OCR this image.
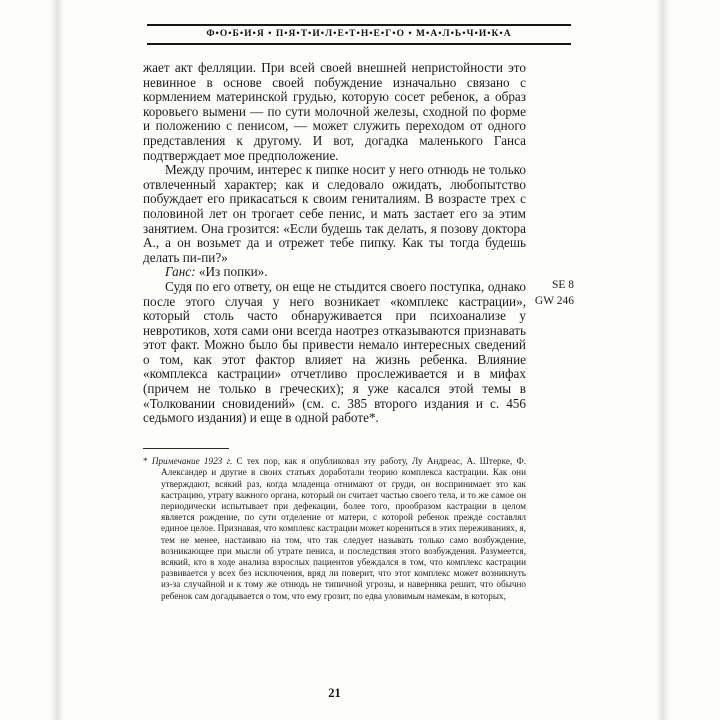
Ф•О•Б•И•Я • П•Я•Т•И•Л•Е•Т•Н•Е•Г•О • М•А•Л•Ь•Ч•И•К•А

жает акт фелляции. При всей своей внешней непристойности это невинное в основе своей побуждение изначально связано с кормлением материнской грудью, которую сосет ребенок, а образ коровьего вымени — по сути молочной железы, сходной по форме и положению с пенисом, — может служить переходом от одного представления к другому. И вот, догадка маленького Ганса подтверждает мое предположение.

Между прочим, интерес к пипке носит у него отнюдь не только отвлеченный характер; как и следовало ожидать, любопытство побуждает его прикасаться к своим гениталиям. В возрасте трех с половиной лет он трогает себе пенис, и мать застает его за этим занятием. Она грозится: «Если будешь так делать, я позову доктора А., а он возьмет да и отрежет тебе пипку. Как ты тогда будешь делать пи-пи?»

Ганс: «Из попки».

Судя по его ответу, он еще не стыдится своего поступка, однако после этого случая у него возникает «комплекс кастрации», который столь часто обнаруживается при психоанализе у невротиков, хотя сами они всегда наотрез отказываются признавать этот факт. Можно было бы привести немало интересных сведений о том, как этот фактор влияет на жизнь ребенка. Влияние «комплекса кастрации» отчетливо прослеживается и в мифах (причем не только в греческих); я уже касался этой темы в «Толковании сновидений» (см. с. 385 второго издания и с. 456 седьмого издания) и еще в одной работе*.

* Примечание 1923 г. С тех пор, как я опубликовал эту работу, Лу Андреас, А. Штерке, Ф. Александер и другие в своих статьях доработали теорию комплекса кастрации. Как они утверждают, всякий раз, когда младенца отнимают от груди, он воспринимает это как кастрацию, утрату важного органа, который он считает частью своего тела, и то же самое он периодически испытывает при дефекации, более того, прообразом кастрации в целом является рождение, по сути отделение от матери, с которой ребенок прежде составлял единое целое. Признавая, что комплекс кастрации может корениться в этих переживаниях, я, тем не менее, настаиваю на том, что так следует называть только само возбуждение, возникающее при мысли об утрате пениса, и последствия этого возбуждения. Разумеется, всякий, кто в ходе анализа взрослых пациентов убеждался в том, что комплекс кастрации развивается у всех без исключения, вряд ли поверит, что этот комплекс может возникнуть из-за случайной и к тому же отнюдь не типичной угрозы, и наверняка решит, что обычно ребенок сам догадывается о том, что ему грозит, по едва уловимым намекам, в которых,

SE 8
GW 246
21
